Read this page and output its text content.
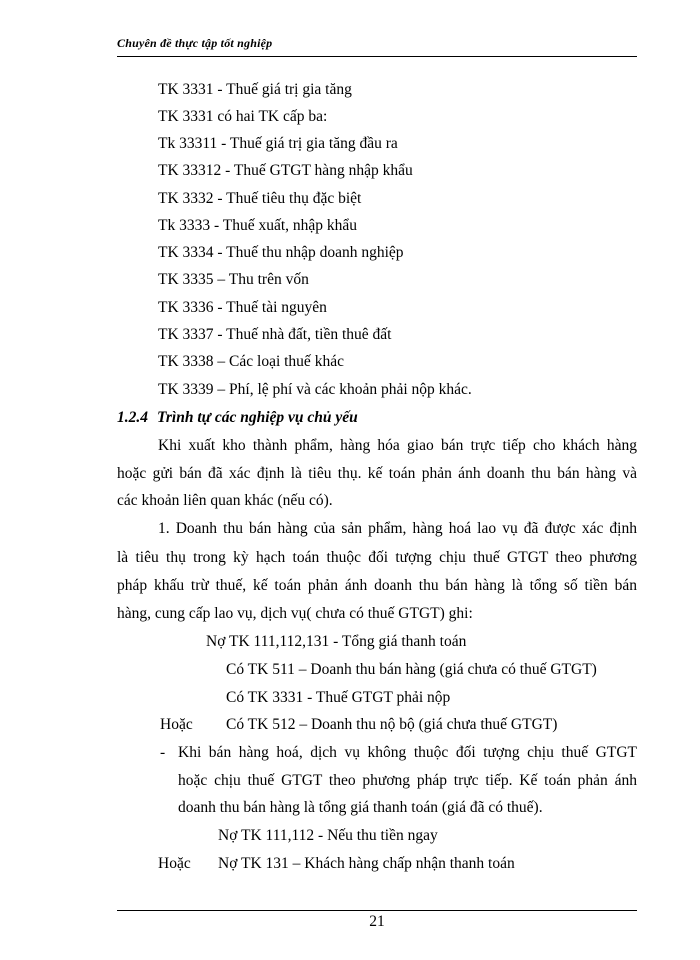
Chuyên đề thực tập tốt nghiệp
TK 3331 - Thuế giá trị gia tăng
TK 3331 có hai TK cấp ba:
Tk 33311 - Thuế giá trị gia tăng đầu ra
TK 33312 - Thuế GTGT hàng nhập khẩu
TK 3332 - Thuế tiêu thụ đặc biệt
Tk 3333 - Thuế xuất, nhập khẩu
TK 3334 - Thuế thu nhập doanh nghiệp
TK 3335 – Thu trên vốn
TK 3336 - Thuế tài nguyên
TK 3337 - Thuế nhà đất, tiền thuê đất
TK 3338 – Các loại thuế khác
TK 3339 – Phí, lệ phí và các khoản phải nộp khác.
1.2.4 Trình tự các nghiệp vụ chủ yếu
Khi xuất kho thành phẩm, hàng hóa giao bán trực tiếp cho khách hàng
hoặc gửi bán đã xác định là tiêu thụ. kế toán phản ánh doanh thu bán hàng và
các khoản liên quan khác (nếu có).
1. Doanh thu bán hàng của sản phẩm, hàng hoá lao vụ đã được xác định
là tiêu thụ trong kỳ hạch toán thuộc đối tượng chịu thuế GTGT theo phương
pháp khấu trừ thuế, kế toán phản ánh doanh thu bán hàng là tổng số tiền bán
hàng, cung cấp lao vụ, dịch vụ( chưa có thuế GTGT) ghi:
Nợ TK 111,112,131 - Tổng giá thanh toán
Có TK 511 – Doanh thu bán hàng (giá chưa có thuế GTGT)
Có TK 3331 - Thuế GTGT phải nộp
Hoặc Có TK 512 – Doanh thu nộ bộ (giá chưa thuế GTGT)
- Khi bán hàng hoá, dịch vụ không thuộc đối tượng chịu thuế GTGT
hoặc chịu thuế GTGT theo phương pháp trực tiếp. Kế toán phản ánh
doanh thu bán hàng là tổng giá thanh toán (giá đã có thuế).
Nợ TK 111,112 - Nếu thu tiền ngay
Hoặc Nợ TK 131 – Khách hàng chấp nhận thanh toán
21
